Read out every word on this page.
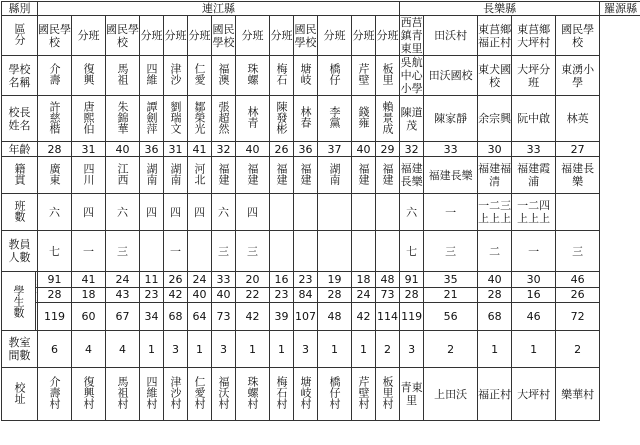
縣別	連江縣													長樂縣					羅源縣
區分	國民學校	分班	國民學校	分班	分班	分班	國民學校	分班	分班	國民學校	分班	分班	分班	西莒鎮青東里	田沃村	東莒鄉福正村	東莒鄉大坪村	國民學校	
學校名稱	介壽	復興	馬祖	四維	津沙	仁愛	福澳	珠螺	梅石	塘岐	橋仔	芹壁	板里	吳航中心小學	田沃國校	東犬國校	大坪分班	東湧小學	
校長姓名	許慈楷	唐熙伯	朱錦華	譚劍萍	劉瑞文	鄒榮光	張超然	林青	陳發彬	林春	李黨	錢雍	賴景成	陳道茂	陳家靜	余宗興	阮中啟	林英	
年齡	28	31	40	36	31	41	32	40	26	36	37	40	29	32	33	30	33	27	
籍貫	廣東	四川	江西	湖南	湖南	河北	福建	福建	福建	福建	湖南	福建	福建	福建長樂	福建長樂	福建福清	福建霞浦	福建長樂	
班數	六	四	六	四	四	四	六	四						六	一	一二三 上上上	一二四 上上上		
教員人數	七	一	三		一		三	三						七	三	二	一	三	

學生數 合計	91	41	24	11	26	24	33	20	16	23	19	18	48	91	35	40	30	46	
	28	18	43	23	42	40	40	22	23	84	28	24	73	28	21	28	16	26	
	119	60	67	34	68	64	73	42	39	107	48	42	114	119	56	68	46	72	
教室間數	6	4	4	1	3	1	3	1	1	3	1	1	2	3	2	1	1	2	
校址	介壽村	復興村	馬祖村	四維村	津沙村	仁愛村	福沃村	珠螺村	梅石村	塘岐村	橋仔村	芹壁村	板里村	青東里	上田沃	福正村	大坪村	樂華村	
